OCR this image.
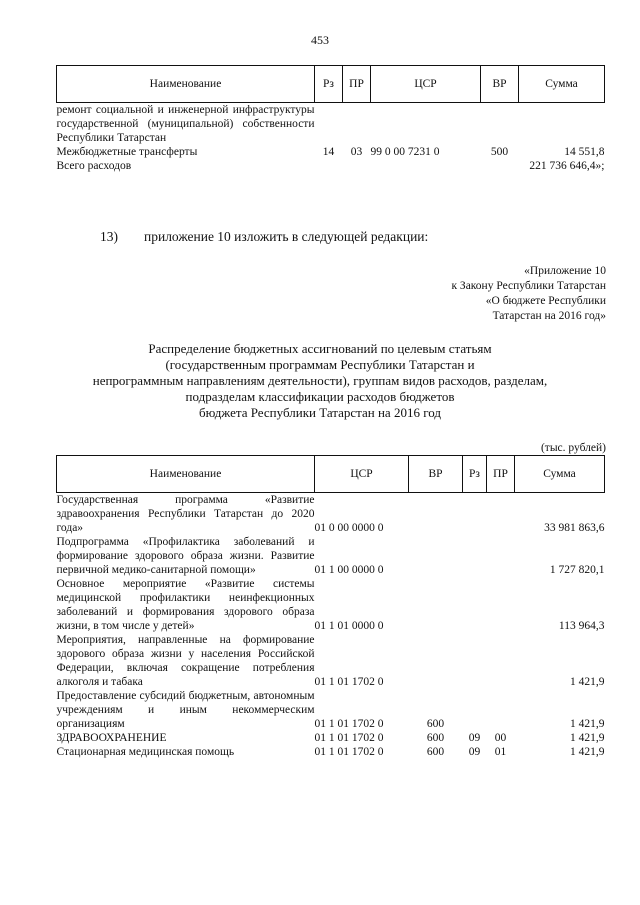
453
Наименование	Рз	ПР	ЦСР	ВР	Сумма
ремонт социальной и инженерной инфраструктуры государственной (муниципальной) собственности Республики Татарстан					
Межбюджетные трансферты	14	03	99 0 00 7231 0	500	14 551,8
Всего расходов					221 736 646,4»;
13) приложение 10 изложить в следующей редакции:
«Приложение 10
к Закону Республики Татарстан
«О бюджете Республики
Татарстан на 2016 год»
Распределение бюджетных ассигнований по целевым статьям
(государственным программам Республики Татарстан и
непрограммным направлениям деятельности), группам видов расходов, разделам,
подразделам классификации расходов бюджетов
бюджета Республики Татарстан на 2016 год
(тыс. рублей)
Наименование	ЦСР	ВР	Рз	ПР	Сумма
Государственная программа «Развитие здравоохранения Республики Татарстан до 2020 года»	01 0 00 0000 0				33 981 863,6
Подпрограмма «Профилактика заболеваний и формирование здорового образа жизни. Развитие первичной медико-санитарной помощи»	01 1 00 0000 0				1 727 820,1
Основное мероприятие «Развитие системы медицинской профилактики неинфекционных заболеваний и формирования здорового образа жизни, в том числе у детей»	01 1 01 0000 0				113 964,3
Мероприятия, направленные на формирование здорового образа жизни у населения Российской Федерации, включая сокращение потребления алкоголя и табака	01 1 01 1702 0				1 421,9
Предоставление субсидий бюджетным, автономным учреждениям и иным некоммерческим организациям	01 1 01 1702 0	600			1 421,9
ЗДРАВООХРАНЕНИЕ	01 1 01 1702 0	600	09	00	1 421,9
Стационарная медицинская помощь	01 1 01 1702 0	600	09	01	1 421,9
